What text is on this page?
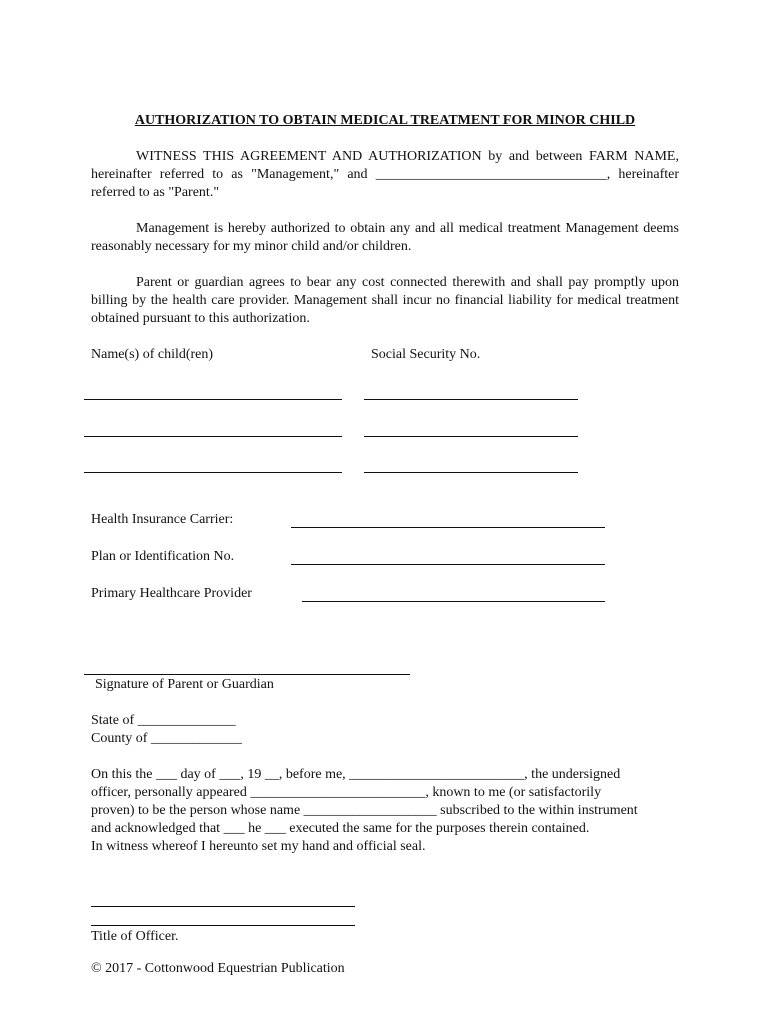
AUTHORIZATION TO OBTAIN MEDICAL TREATMENT FOR MINOR CHILD
WITNESS THIS AGREEMENT AND AUTHORIZATION by and between FARM NAME, hereinafter referred to as "Management," and _________________________________, hereinafter referred to as "Parent."
Management is hereby authorized to obtain any and all medical treatment Management deems reasonably necessary for my minor child and/or children.
Parent or guardian agrees to bear any cost connected therewith and shall pay promptly upon billing by the health care provider. Management shall incur no financial liability for medical treatment obtained pursuant to this authorization.
Name(s) of child(ren)	Social Security No.
Health Insurance Carrier:
Plan or Identification No.
Primary Healthcare Provider
Signature of Parent or Guardian
State of ______________
County of _____________
On this the ___ day of ___, 19 __, before me, _________________________, the undersigned
officer, personally appeared _________________________, known to me (or satisfactorily
proven) to be the person whose name ___________________ subscribed to the within instrument
and acknowledged that ___ he ___ executed the same for the purposes therein contained.
In witness whereof I hereunto set my hand and official seal.
Title of Officer.
© 2017 - Cottonwood Equestrian Publication
